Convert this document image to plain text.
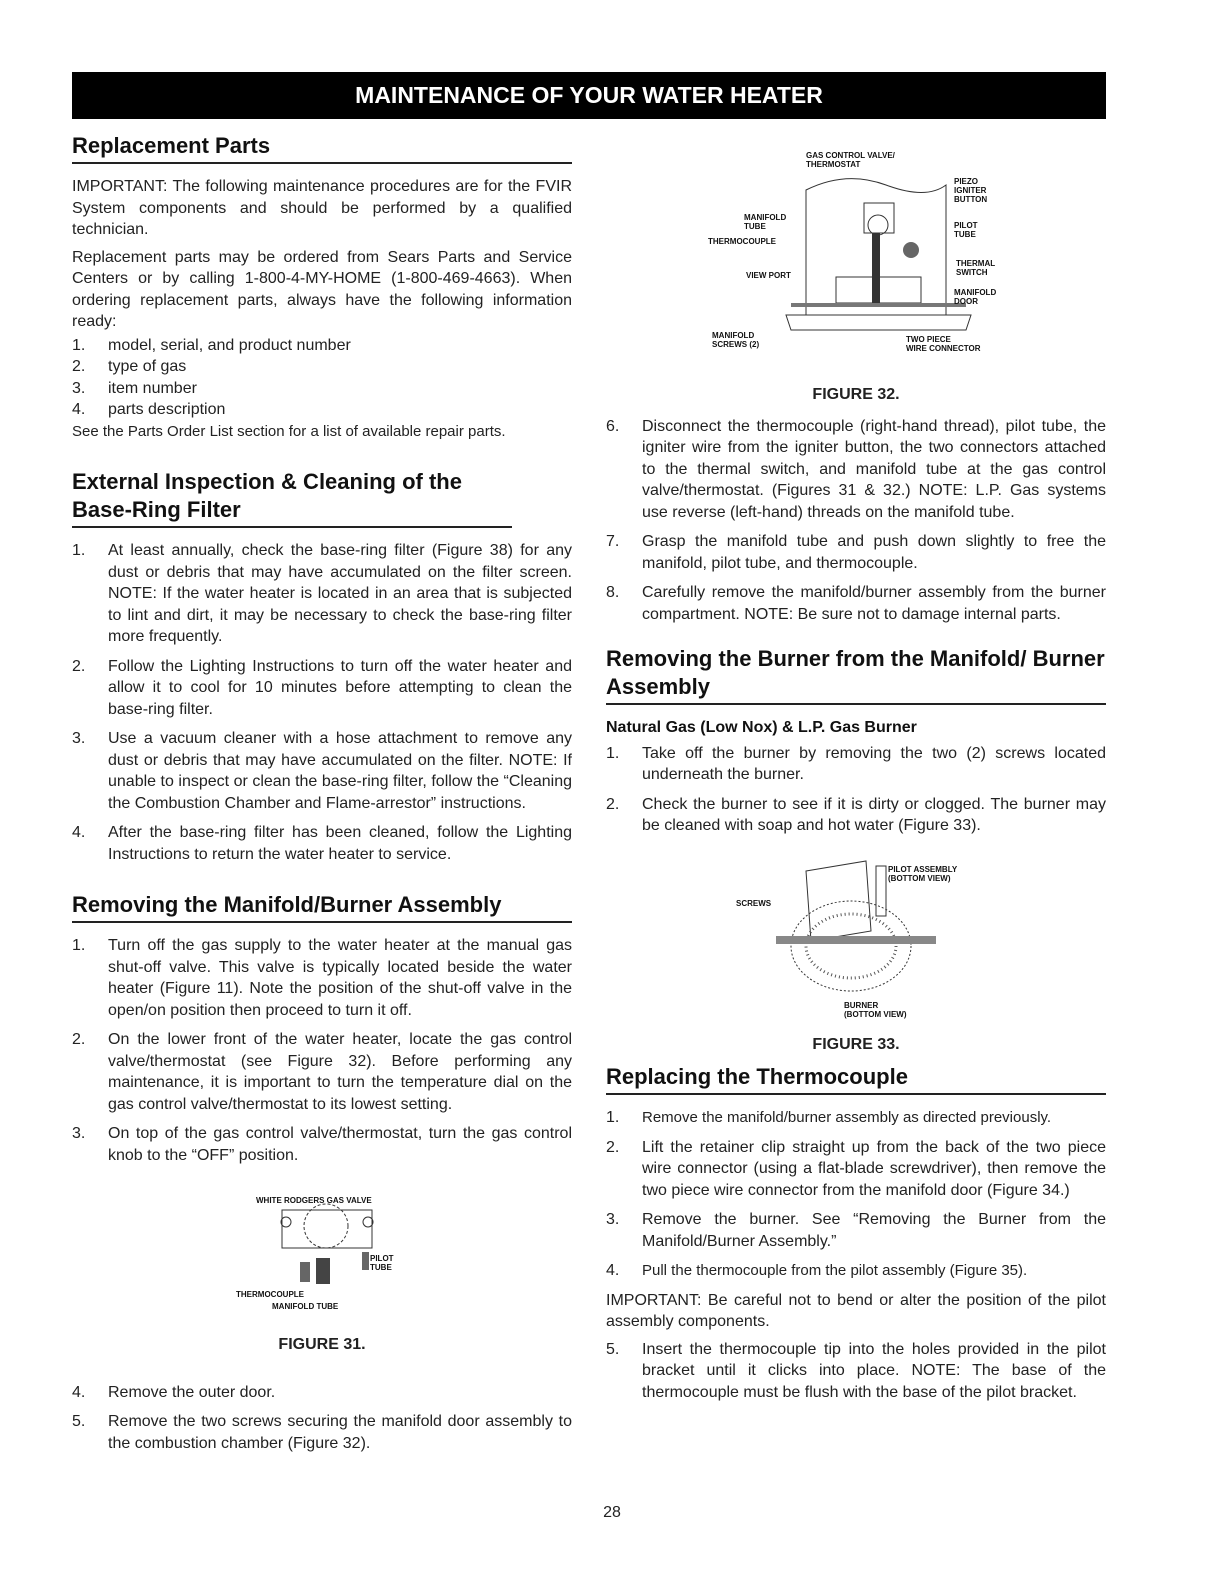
MAINTENANCE OF YOUR WATER HEATER
Replacement Parts

IMPORTANT: The following maintenance procedures are for the FVIR System components and should be performed by a qualified technician.

Replacement parts may be ordered from Sears Parts and Service Centers or by calling 1-800-4-MY-HOME (1-800-469-4663). When ordering replacement parts, always have the following information ready:

1.	model, serial, and product number
2.	type of gas
3.	item number
4.	parts description

See the Parts Order List section for a list of available repair parts.

External Inspection & Cleaning of the Base-Ring Filter
1.	At least annually, check the base-ring filter (Figure 38) for any dust or debris that may have accumulated on the filter screen. NOTE: If the water heater is located in an area that is subjected to lint and dirt, it may be necessary to check the base-ring filter more frequently.
2.	Follow the Lighting Instructions to turn off the water heater and allow it to cool for 10 minutes before attempting to clean the base-ring filter.
3.	Use a vacuum cleaner with a hose attachment to remove any dust or debris that may have accumulated on the filter. NOTE: If unable to inspect or clean the base-ring filter, follow the “Cleaning the Combustion Chamber and Flame-arrestor” instructions.
4.	After the base-ring filter has been cleaned, follow the Lighting Instructions to return the water heater to service.
Removing the Manifold/Burner Assembly
1.	Turn off the gas supply to the water heater at the manual gas shut-off valve. This valve is typically located beside the water heater (Figure 11). Note the position of the shut-off valve in the open/on position then proceed to turn it off.
2.	On the lower front of the water heater, locate the gas control valve/thermostat (see Figure 32). Before performing any maintenance, it is important to turn the temperature dial on the gas control valve/thermostat to its lowest setting.
3.	On top of the gas control valve/thermostat, turn the gas control knob to the “OFF” position.
WHITE RODGERS GAS VALVE
PILOT
TUBE
THERMOCOUPLE
MANIFOLD TUBE
FIGURE 31.
4.	Remove the outer door.
5.	Remove the two screws securing the manifold door assembly to the combustion chamber (Figure 32).
GAS CONTROL VALVE/
THERMOSTAT
PIEZO
IGNITER
BUTTON
MANIFOLD
TUBE	PILOT
TUBE
THERMOCOUPLE
VIEW PORT
THERMAL
SWITCH
MANIFOLD
DOOR
MANIFOLD
SCREWS (2)
TWO PIECE
WIRE CONNECTOR
FIGURE 32.
6.	Disconnect the thermocouple (right-hand thread), pilot tube, the igniter wire from the igniter button, the two connectors attached to the thermal switch, and manifold tube at the gas control valve/thermostat. (Figures 31 & 32.) NOTE: L.P. Gas systems use reverse (left-hand) threads on the manifold tube.
7.	Grasp the manifold tube and push down slightly to free the manifold, pilot tube, and thermocouple.
8.	Carefully remove the manifold/burner assembly from the burner compartment. NOTE: Be sure not to damage internal parts.
Removing the Burner from the Manifold/ Burner Assembly
Natural Gas (Low Nox) & L.P. Gas Burner
1.	Take off the burner by removing the two (2) screws located underneath the burner.
2.	Check the burner to see if it is dirty or clogged. The burner may be cleaned with soap and hot water (Figure 33).
PILOT ASSEMBLY
(BOTTOM VIEW)
SCREWS
BURNER
(BOTTOM VIEW)
FIGURE 33.
Replacing the Thermocouple
1.	Remove the manifold/burner assembly as directed previously.
2.	Lift the retainer clip straight up from the back of the two piece wire connector (using a flat-blade screwdriver), then remove the two piece wire connector from the manifold door (Figure 34.)
3.	Remove the burner. See “Removing the Burner from the Manifold/Burner Assembly.”
4.	Pull the thermocouple from the pilot assembly (Figure 35).

IMPORTANT: Be careful not to bend or alter the position of the pilot assembly components.

5.	Insert the thermocouple tip into the holes provided in the pilot bracket until it clicks into place. NOTE: The base of the thermocouple must be flush with the base of the pilot bracket.
28
